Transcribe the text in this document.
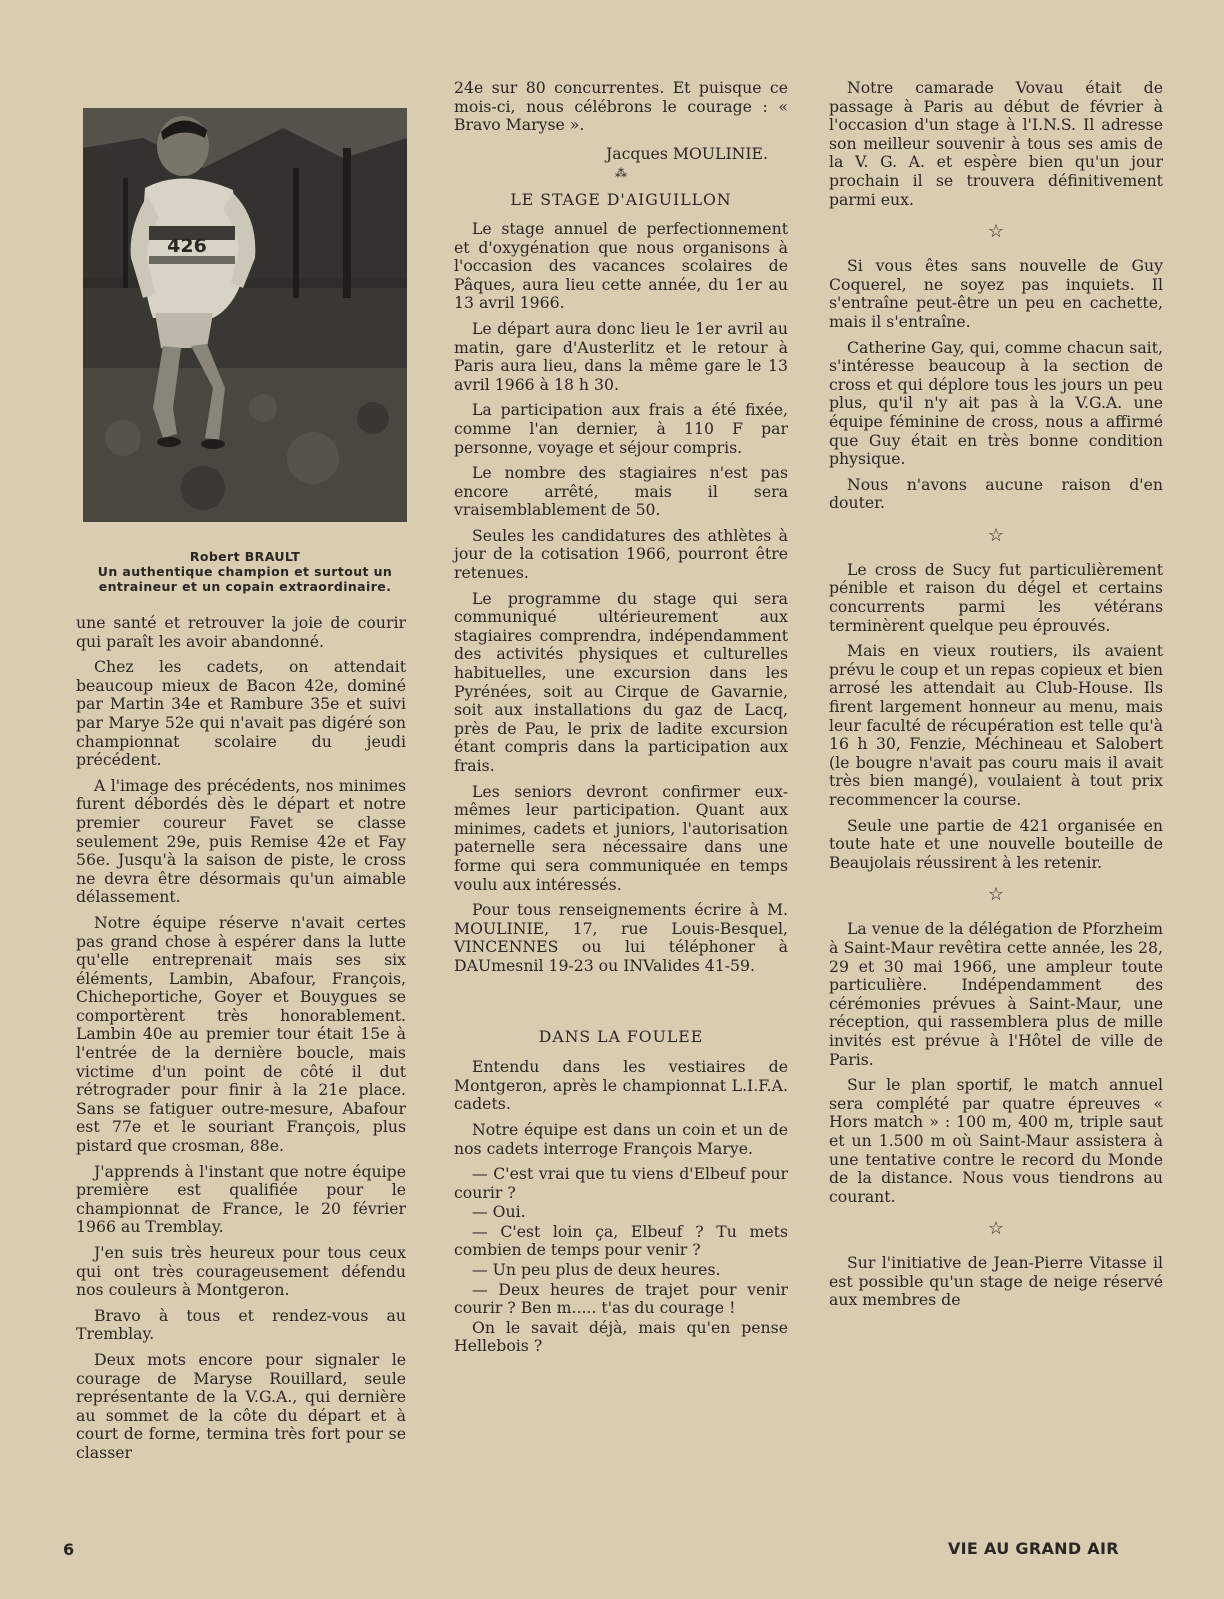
426
Robert BRAULT
Un authentique champion et surtout un
entraineur et un copain extraordinaire.

une santé et retrouver la joie de courir qui paraît les avoir abandonné.

Chez les cadets, on attendait beaucoup mieux de Bacon 42e, dominé par Martin 34e et Rambure 35e et suivi par Marye 52e qui n'avait pas digéré son championnat scolaire du jeudi précédent.

A l'image des précédents, nos minimes furent débordés dès le départ et notre premier coureur Favet se classe seulement 29e, puis Remise 42e et Fay 56e. Jusqu'à la saison de piste, le cross ne devra être désormais qu'un aimable délassement.

Notre équipe réserve n'avait certes pas grand chose à espérer dans la lutte qu'elle entreprenait mais ses six éléments, Lambin, Abafour, François, Chicheportiche, Goyer et Bouygues se comportèrent très honorablement. Lambin 40e au premier tour était 15e à l'entrée de la dernière boucle, mais victime d'un point de côté il dut rétrograder pour finir à la 21e place. Sans se fatiguer outre-mesure, Abafour est 77e et le souriant François, plus pistard que crosman, 88e.

J'apprends à l'instant que notre équipe première est qualifiée pour le championnat de France, le 20 février 1966 au Tremblay.

J'en suis très heureux pour tous ceux qui ont très courageusement défendu nos couleurs à Montgeron.

Bravo à tous et rendez-vous au Tremblay.

Deux mots encore pour signaler le courage de Maryse Rouillard, seule représentante de la V.G.A., qui dernière au sommet de la côte du départ et à court de forme, termina très fort pour se classer

24e sur 80 concurrentes. Et puisque ce mois-ci, nous célébrons le courage : « Bravo Maryse ».

Jacques MOULINIE.

⁂
LE STAGE D'AIGUILLON

Le stage annuel de perfectionnement et d'oxygénation que nous organisons à l'occasion des vacances scolaires de Pâques, aura lieu cette année, du 1er au 13 avril 1966.

Le départ aura donc lieu le 1er avril au matin, gare d'Austerlitz et le retour à Paris aura lieu, dans la même gare le 13 avril 1966 à 18 h 30.

La participation aux frais a été fixée, comme l'an dernier, à 110 F par personne, voyage et séjour compris.

Le nombre des stagiaires n'est pas encore arrêté, mais il sera vraisemblablement de 50.

Seules les candidatures des athlètes à jour de la cotisation 1966, pourront être retenues.

Le programme du stage qui sera communiqué ultérieurement aux stagiaires comprendra, indépendamment des activités physiques et culturelles habituelles, une excursion dans les Pyrénées, soit au Cirque de Gavarnie, soit aux installations du gaz de Lacq, près de Pau, le prix de ladite excursion étant compris dans la participation aux frais.

Les seniors devront confirmer eux-mêmes leur participation. Quant aux minimes, cadets et juniors, l'autorisation paternelle sera nécessaire dans une forme qui sera communiquée en temps voulu aux intéressés.

Pour tous renseignements écrire à M. MOULINIE, 17, rue Louis-Besquel, VINCENNES ou lui téléphoner à DAUmesnil 19-23 ou INValides 41-59.

DANS LA FOULEE

Entendu dans les vestiaires de Montgeron, après le championnat L.I.F.A. cadets.

Notre équipe est dans un coin et un de nos cadets interroge François Marye.

— C'est vrai que tu viens d'Elbeuf pour courir ?

— Oui.

— C'est loin ça, Elbeuf ? Tu mets combien de temps pour venir ?

— Un peu plus de deux heures.

— Deux heures de trajet pour venir courir ? Ben m..... t'as du courage !

On le savait déjà, mais qu'en pense Hellebois ?

Notre camarade Vovau était de passage à Paris au début de février à l'occasion d'un stage à l'I.N.S. Il adresse son meilleur souvenir à tous ses amis de la V. G. A. et espère bien qu'un jour prochain il se trouvera définitivement parmi eux.

☆

Si vous êtes sans nouvelle de Guy Coquerel, ne soyez pas inquiets. Il s'entraîne peut-être un peu en cachette, mais il s'entraîne.

Catherine Gay, qui, comme chacun sait, s'intéresse beaucoup à la section de cross et qui déplore tous les jours un peu plus, qu'il n'y ait pas à la V.G.A. une équipe féminine de cross, nous a affirmé que Guy était en très bonne condition physique.

Nous n'avons aucune raison d'en douter.

☆

Le cross de Sucy fut particulièrement pénible et raison du dégel et certains concurrents parmi les vétérans terminèrent quelque peu éprouvés.

Mais en vieux routiers, ils avaient prévu le coup et un repas copieux et bien arrosé les attendait au Club-House. Ils firent largement honneur au menu, mais leur faculté de récupération est telle qu'à 16 h 30, Fenzie, Méchineau et Salobert (le bougre n'avait pas couru mais il avait très bien mangé), voulaient à tout prix recommencer la course.

Seule une partie de 421 organisée en toute hate et une nouvelle bouteille de Beaujolais réussirent à les retenir.

☆

La venue de la délégation de Pforzheim à Saint-Maur revêtira cette année, les 28, 29 et 30 mai 1966, une ampleur toute particulière. Indépendamment des cérémonies prévues à Saint-Maur, une réception, qui rassemblera plus de mille invités est prévue à l'Hôtel de ville de Paris.

Sur le plan sportif, le match annuel sera complété par quatre épreuves « Hors match » : 100 m, 400 m, triple saut et un 1.500 m où Saint-Maur assistera à une tentative contre le record du Monde de la distance. Nous vous tiendrons au courant.

☆

Sur l'initiative de Jean-Pierre Vitasse il est possible qu'un stage de neige réservé aux membres de

6	VIE AU GRAND AIR
